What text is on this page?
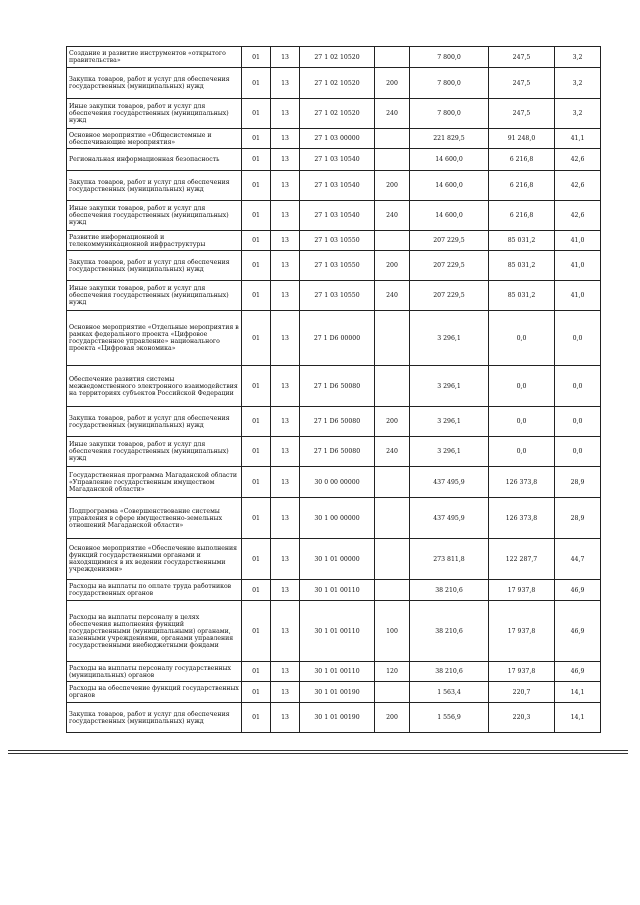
Создание и развитие инструментов «открытого правительства»	01	13	27 1 02 10520		7 800,0	247,5	3,2
Закупка товаров, работ и услуг для обеспечения государственных (муниципальных) нужд	01	13	27 1 02 10520	200	7 800,0	247,5	3,2
Иные закупки товаров, работ и услуг для обеспечения государственных (муниципальных) нужд	01	13	27 1 02 10520	240	7 800,0	247,5	3,2
Основное мероприятие «Общесистемные и обеспечивающие мероприятия»	01	13	27 1 03 00000		221 829,5	91 248,0	41,1
Региональная информационная безопасность	01	13	27 1 03 10540		14 600,0	6 216,8	42,6
Закупка товаров, работ и услуг для обеспечения государственных (муниципальных) нужд	01	13	27 1 03 10540	200	14 600,0	6 216,8	42,6
Иные закупки товаров, работ и услуг для обеспечения государственных (муниципальных) нужд	01	13	27 1 03 10540	240	14 600,0	6 216,8	42,6
Развитие информационной и телекоммуникационной инфраструктуры	01	13	27 1 03 10550		207 229,5	85 031,2	41,0
Закупка товаров, работ и услуг для обеспечения государственных (муниципальных) нужд	01	13	27 1 03 10550	200	207 229,5	85 031,2	41,0
Иные закупки товаров, работ и услуг для обеспечения государственных (муниципальных) нужд	01	13	27 1 03 10550	240	207 229,5	85 031,2	41,0
Основное мероприятие «Отдельные мероприятия в рамках федерального проекта «Цифровое государственное управление» национального проекта «Цифровая экономика»	01	13	27 1 D6 00000		3 296,1	0,0	0,0
Обеспечение развития системы межведомственного электронного взаимодействия на территориях субъектов Российской Федерации	01	13	27 1 D6 50080		3 296,1	0,0	0,0
Закупка товаров, работ и услуг для обеспечения государственных (муниципальных) нужд	01	13	27 1 D6 50080	200	3 296,1	0,0	0,0
Иные закупки товаров, работ и услуг для обеспечения государственных (муниципальных) нужд	01	13	27 1 D6 50080	240	3 296,1	0,0	0,0
Государственная программа Магаданской области «Управление государственным имуществом Магаданской области»	01	13	30 0 00 00000		437 495,9	126 373,8	28,9
Подпрограмма «Совершенствование системы управления в сфере имущественно-земельных отношений Магаданской области»	01	13	30 1 00 00000		437 495,9	126 373,8	28,9
Основное мероприятие «Обеспечение выполнения функций государственными органами и находящимися в их ведении государственными учреждениями»	01	13	30 1 01 00000		273 811,8	122 287,7	44,7
Расходы на выплаты по оплате труда работников государственных органов	01	13	30 1 01 00110		38 210,6	17 937,8	46,9
Расходы на выплаты персоналу в целях обеспечения выполнения функций государственными (муниципальными) органами, казенными учреждениями, органами управления государственными внебюджетными фондами	01	13	30 1 01 00110	100	38 210,6	17 937,8	46,9
Расходы на выплаты персоналу государственных (муниципальных) органов	01	13	30 1 01 00110	120	38 210,6	17 937,8	46,9
Расходы на обеспечение функций государственных органов	01	13	30 1 01 00190		1 563,4	220,7	14,1
Закупка товаров, работ и услуг для обеспечения государственных (муниципальных) нужд	01	13	30 1 01 00190	200	1 556,9	220,3	14,1
